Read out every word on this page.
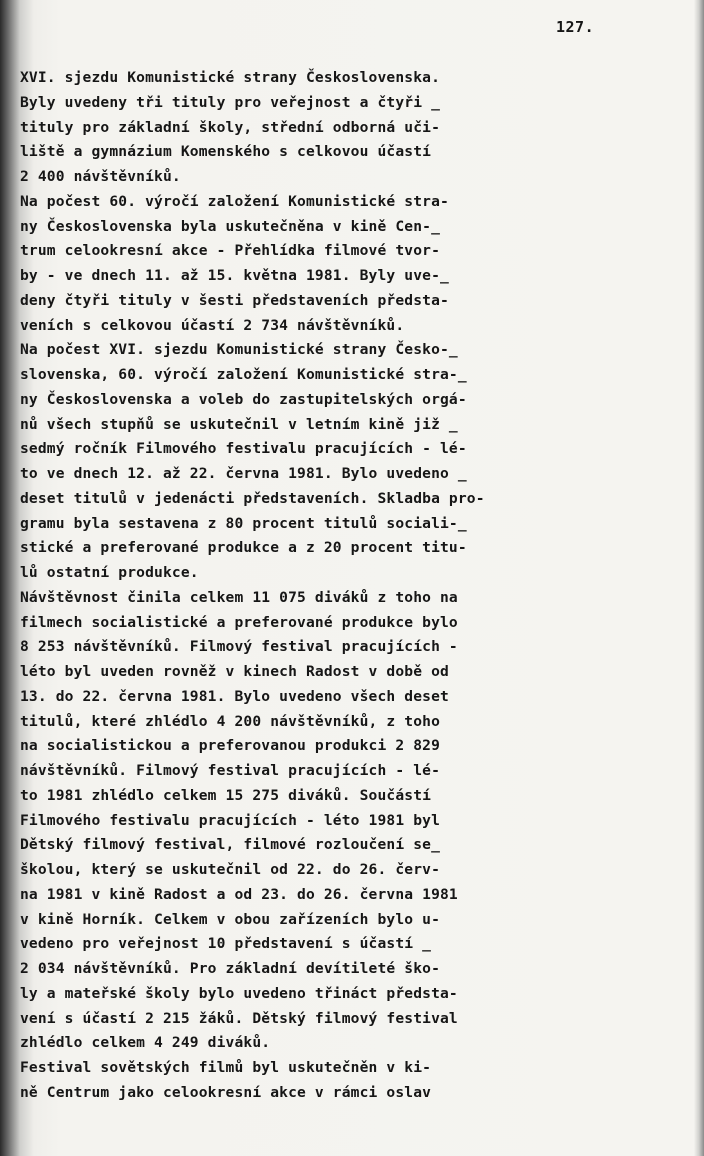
127.
XVI. sjezdu Komunistické strany Československa.
Byly uvedeny tři tituly pro veřejnost a čtyři _
tituly pro základní školy, střední odborná uči-
liště a gymnázium Komenského s celkovou účastí
2 400 návštěvníků.
Na počest 60. výročí založení Komunistické stra-
ny Československa byla uskutečněna v kině Cen-_
trum celookresní akce - Přehlídka filmové tvor-
by - ve dnech 11. až 15. května 1981. Byly uve-_
deny čtyři tituly v šesti představeních předsta-
veních s celkovou účastí 2 734 návštěvníků.
Na počest XVI. sjezdu Komunistické strany Česko-_
slovenska, 60. výročí založení Komunistické stra-_
ny Československa a voleb do zastupitelských orgá-
nů všech stupňů se uskutečnil v letním kině již _
sedmý ročník Filmového festivalu pracujících - lé-
to ve dnech 12. až 22. června 1981. Bylo uvedeno _
deset titulů v jedenácti představeních. Skladba pro-
gramu byla sestavena z 80 procent titulů sociali-_
stické a preferované produkce a z 20 procent titu-
lů ostatní produkce.
Návštěvnost činila celkem 11 075 diváků z toho na
filmech socialistické a preferované produkce bylo
8 253 návštěvníků. Filmový festival pracujících -
léto byl uveden rovněž v kinech Radost v době od
13. do 22. června 1981. Bylo uvedeno všech deset
titulů, které zhlédlo 4 200 návštěvníků, z toho
na socialistickou a preferovanou produkci 2 829
návštěvníků. Filmový festival pracujících - lé-
to 1981 zhlédlo celkem 15 275 diváků. Součástí
Filmového festivalu pracujících - léto 1981 byl
Dětský filmový festival, filmové rozloučení se_
školou, který se uskutečnil od 22. do 26. červ-
na 1981 v kině Radost a od 23. do 26. června 1981
v kině Horník. Celkem v obou zařízeních bylo u-
vedeno pro veřejnost 10 představení s účastí _
2 034 návštěvníků. Pro základní devítileté ško-
ly a mateřské školy bylo uvedeno třináct předsta-
vení s účastí 2 215 žáků. Dětský filmový festival
zhlédlo celkem 4 249 diváků.
Festival sovětských filmů byl uskutečněn v ki-
ně Centrum jako celookresní akce v rámci oslav
